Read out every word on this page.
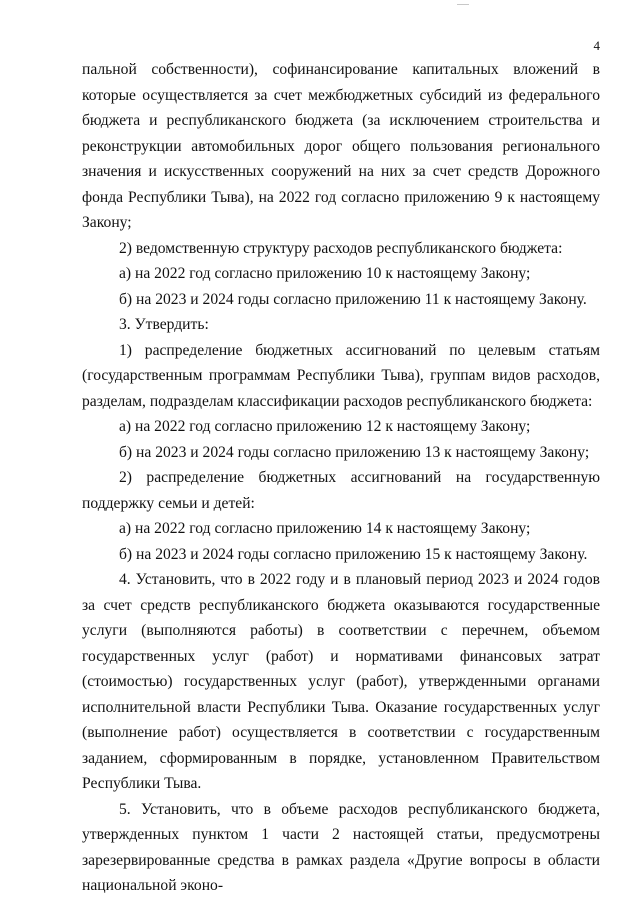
4

пальной собственности), софинансирование капитальных вложений в которые осуществляется за счет межбюджетных субсидий из федерального бюджета и республиканского бюджета (за исключением строительства и реконструкции автомобильных дорог общего пользования регионального значения и искусственных сооружений на них за счет средств Дорожного фонда Республики Тыва), на 2022 год согласно приложению 9 к настоящему Закону;

2) ведомственную структуру расходов республиканского бюджета:

а) на 2022 год согласно приложению 10 к настоящему Закону;

б) на 2023 и 2024 годы согласно приложению 11 к настоящему Закону.

3. Утвердить:

1) распределение бюджетных ассигнований по целевым статьям (государственным программам Республики Тыва), группам видов расходов, разделам, подразделам классификации расходов республиканского бюджета:

а) на 2022 год согласно приложению 12 к настоящему Закону;

б) на 2023 и 2024 годы согласно приложению 13 к настоящему Закону;

2) распределение бюджетных ассигнований на государственную поддержку семьи и детей:

а) на 2022 год согласно приложению 14 к настоящему Закону;

б) на 2023 и 2024 годы согласно приложению 15 к настоящему Закону.

4. Установить, что в 2022 году и в плановый период 2023 и 2024 годов за счет средств республиканского бюджета оказываются государственные услуги (выполняются работы) в соответствии с перечнем, объемом государственных услуг (работ) и нормативами финансовых затрат (стоимостью) государственных услуг (работ), утвержденными органами исполнительной власти Республики Тыва. Оказание государственных услуг (выполнение работ) осуществляется в соответствии с государственным заданием, сформированным в порядке, установленном Правительством Республики Тыва.

5. Установить, что в объеме расходов республиканского бюджета, утвержденных пунктом 1 части 2 настоящей статьи, предусмотрены зарезервированные средства в рамках раздела «Другие вопросы в области национальной эконо-
